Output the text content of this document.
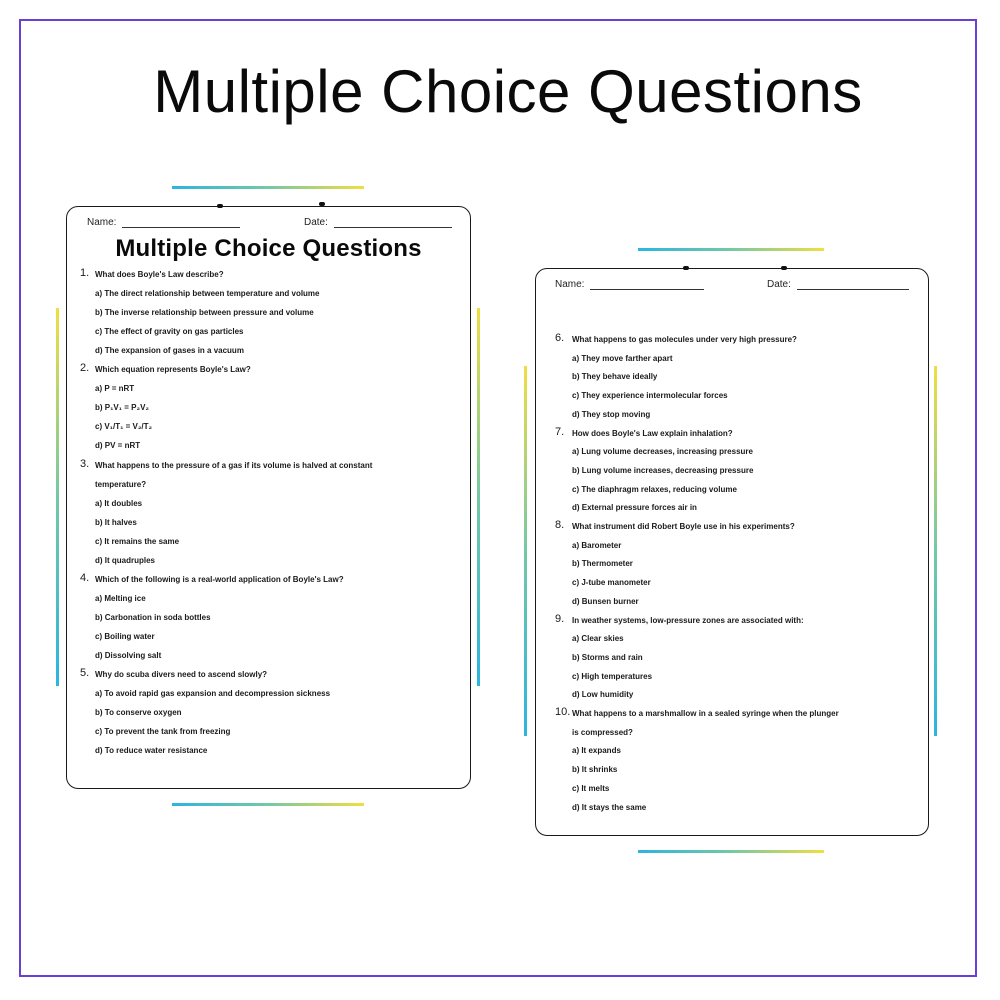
Multiple Choice Questions
Name:	Date:
Multiple Choice Questions
1. What does Boyle's Law describe?
a) The direct relationship between temperature and volume
b) The inverse relationship between pressure and volume
c) The effect of gravity on gas particles
d) The expansion of gases in a vacuum
2. Which equation represents Boyle's Law?
a) P = nRT
b) P₁V₁ = P₂V₂
c) V₁/T₁ = V₂/T₂
d) PV = nRT
3. What happens to the pressure of a gas if its volume is halved at constant
temperature?
a) It doubles
b) It halves
c) It remains the same
d) It quadruples
4. Which of the following is a real-world application of Boyle's Law?
a) Melting ice
b) Carbonation in soda bottles
c) Boiling water
d) Dissolving salt
5. Why do scuba divers need to ascend slowly?
a) To avoid rapid gas expansion and decompression sickness
b) To conserve oxygen
c) To prevent the tank from freezing
d) To reduce water resistance
Name:	Date:
6. What happens to gas molecules under very high pressure?
a) They move farther apart
b) They behave ideally
c) They experience intermolecular forces
d) They stop moving
7. How does Boyle's Law explain inhalation?
a) Lung volume decreases, increasing pressure
b) Lung volume increases, decreasing pressure
c) The diaphragm relaxes, reducing volume
d) External pressure forces air in
8. What instrument did Robert Boyle use in his experiments?
a) Barometer
b) Thermometer
c) J-tube manometer
d) Bunsen burner
9. In weather systems, low-pressure zones are associated with:
a) Clear skies
b) Storms and rain
c) High temperatures
d) Low humidity
10. What happens to a marshmallow in a sealed syringe when the plunger
is compressed?
a) It expands
b) It shrinks
c) It melts
d) It stays the same
